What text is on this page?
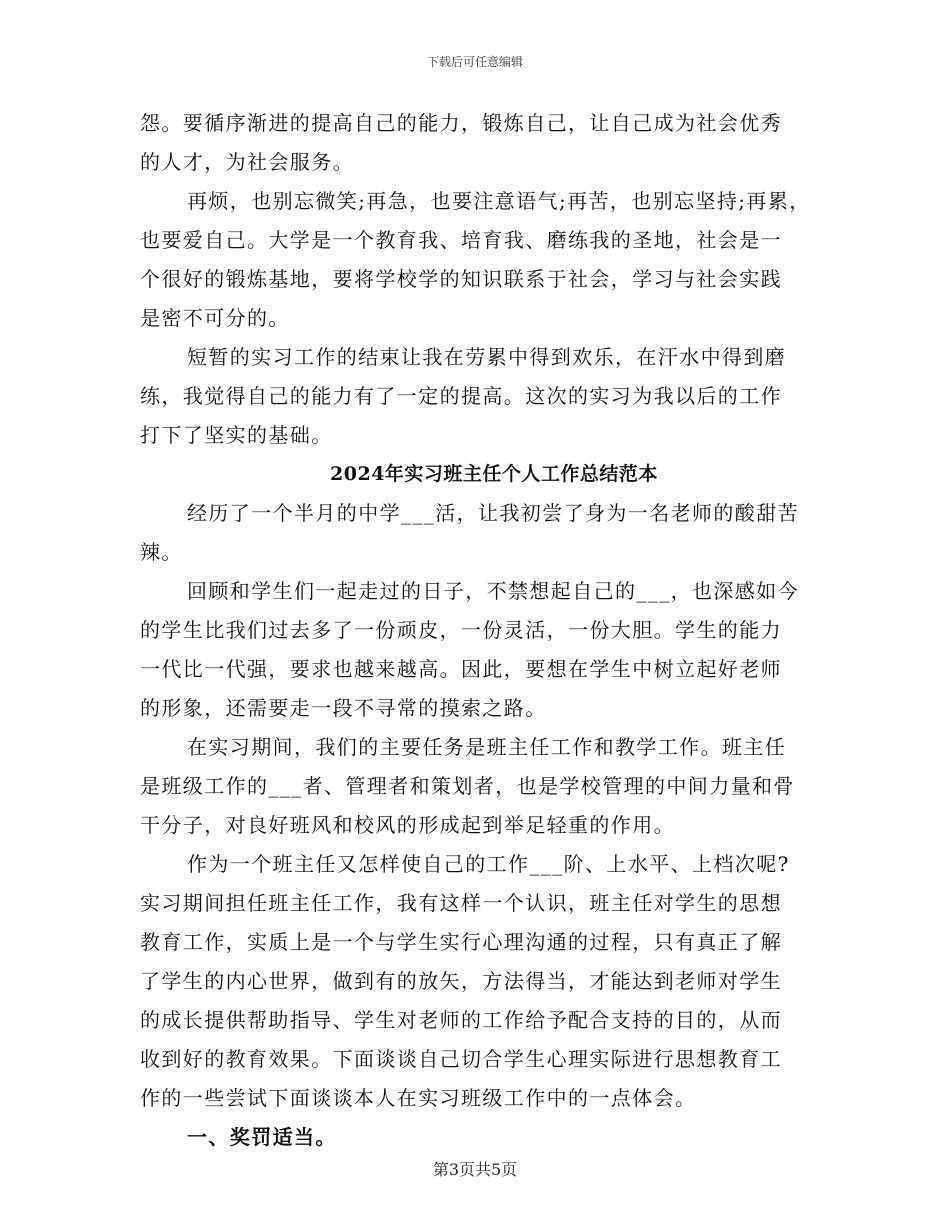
下载后可任意编辑
怨。要循序渐进的提高自己的能力，锻炼自己，让自己成为社会优秀
的人才，为社会服务。
再烦，也别忘微笑;再急，也要注意语气;再苦，也别忘坚持;再累，
也要爱自己。大学是一个教育我、培育我、磨练我的圣地，社会是一
个很好的锻炼基地，要将学校学的知识联系于社会，学习与社会实践
是密不可分的。
短暂的实习工作的结束让我在劳累中得到欢乐，在汗水中得到磨
练，我觉得自己的能力有了一定的提高。这次的实习为我以后的工作
打下了坚实的基础。
2024年实习班主任个人工作总结范本
经历了一个半月的中学___活，让我初尝了身为一名老师的酸甜苦
辣。
回顾和学生们一起走过的日子，不禁想起自己的___，也深感如今
的学生比我们过去多了一份顽皮，一份灵活，一份大胆。学生的能力
一代比一代强，要求也越来越高。因此，要想在学生中树立起好老师
的形象，还需要走一段不寻常的摸索之路。
在实习期间，我们的主要任务是班主任工作和教学工作。班主任
是班级工作的___者、管理者和策划者，也是学校管理的中间力量和骨
干分子，对良好班风和校风的形成起到举足轻重的作用。
作为一个班主任又怎样使自己的工作___阶、上水平、上档次呢?
实习期间担任班主任工作，我有这样一个认识，班主任对学生的思想
教育工作，实质上是一个与学生实行心理沟通的过程，只有真正了解
了学生的内心世界，做到有的放矢，方法得当，才能达到老师对学生
的成长提供帮助指导、学生对老师的工作给予配合支持的目的，从而
收到好的教育效果。下面谈谈自己切合学生心理实际进行思想教育工
作的一些尝试下面谈谈本人在实习班级工作中的一点体会。
一、奖罚适当。
第3页共5页
